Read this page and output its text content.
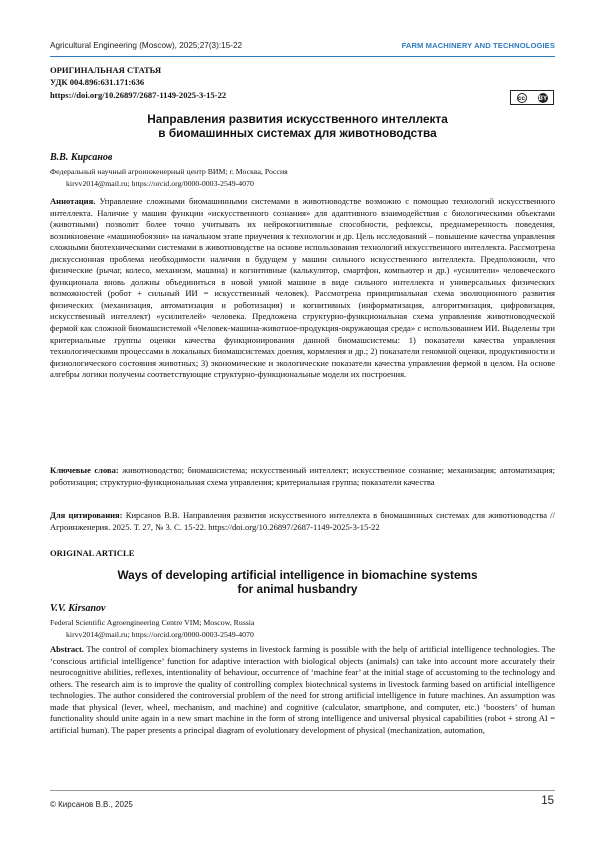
Agricultural Engineering (Moscow), 2025;27(3):15-22	FARM MACHINERY AND TECHNOLOGIES
ОРИГИНАЛЬНАЯ СТАТЬЯ
УДК 004.896:631.171:636
https://doi.org/10.26897/2687-1149-2025-3-15-22	cc BY
Направления развития искусственного интеллекта
в биомашинных системах для животноводства
В.В. Кирсанов
Федеральный научный агроинженерный центр ВИМ; г. Москва, Россия
kirvv2014@mail.ru; https://orcid.org/0000-0003-2549-4070

Аннотация. Управление сложными биомашинными системами в животноводстве возможно с помощью технологий искусственного интеллекта. Наличие у машин функции «искусственного сознания» для адаптивного взаимодействия с биологическими объектами (животными) позволит более точно учитывать их нейрокогнитивные способности, рефлексы, преднамеренность поведения, возникновение «машинобоязни» на начальном этапе приучения к технологии и др. Цель исследований – повышение качества управления сложными биотехническими системами в животноводстве на основе использования технологий искусственного интеллекта. Рассмотрена дискуссионная проблема необходимости наличия в будущем у машин сильного искусственного интеллекта. Предположили, что физические (рычаг, колесо, механизм, машина) и когнитивные (калькулятор, смартфон, компьютер и др.) «усилители» человеческого функционала вновь должны объединиться в новой умной машине в виде сильного интеллекта и универсальных физических возможностей (робот + сильный ИИ = искусственный человек). Рассмотрена принципиальная схема эволюционного развития физических (механизация, автоматизация и роботизация) и когнитивных (информатизация, алгоритмизация, цифровизация, искусственный интеллект) «усилителей» человека. Предложена структурно-функциональная схема управления животноводческой фермой как сложной биомашсистемой «Человек-машина-животное-продукция-окружающая среда» с использованием ИИ. Выделены три критериальные группы оценки качества функционирования данной биомашсистемы: 1) показатели качества управления технологическими процессами в локальных биомашсистемах доения, кормления и др.; 2) показатели геномной оценки, продуктивности и физиологического состояния животных; 3) экономические и экологические показатели качества управления фермой в целом. На основе алгебры логики получены соответствующие структурно-функциональные модели их построения.

Ключевые слова: животноводство; биомашсистема; искусственный интеллект; искусственное сознание; механизация; автоматизация; роботизация; структурно-функциональная схема управления; критериальная группа; показатели качества

Для цитирования: Кирсанов В.В. Направления развития искусственного интеллекта в биомашинных системах для животноводства // Агроинженерия. 2025. Т. 27, № 3. С. 15-22. https://doi.org/10.26897/2687-1149-2025-3-15-22

ORIGINAL ARTICLE
Ways of developing artificial intelligence in biomachine systems
for animal husbandry
V.V. Kirsanov
Federal Scientific Agroengineering Centre VIM; Moscow, Russia
kirvv2014@mail.ru; https://orcid.org/0000-0003-2549-4070

Abstract. The control of complex biomachinery systems in livestock farming is possible with the help of artificial intelligence technologies. The ‘conscious artificial intelligence’ function for adaptive interaction with biological objects (animals) can take into account more accurately their neurocognitive abilities, reflexes, intentionality of behaviour, occurrence of ‘machine fear’ at the initial stage of accustoming to the technology and others. The research aim is to improve the quality of controlling complex biotechnical systems in livestock farming based on artificial intelligence technologies. The author considered the controversial problem of the need for strong artificial intelligence in future machines. An assumption was made that physical (lever, wheel, mechanism, and machine) and cognitive (calculator, smartphone, and computer, etc.) ‘boosters’ of human functionality should unite again in a new smart machine in the form of strong intelligence and universal physical capabilities (robot + strong AI = artificial human). The paper presents a principal diagram of evolutionary development of physical (mechanization, automation,

© Кирсанов В.В., 2025	15
